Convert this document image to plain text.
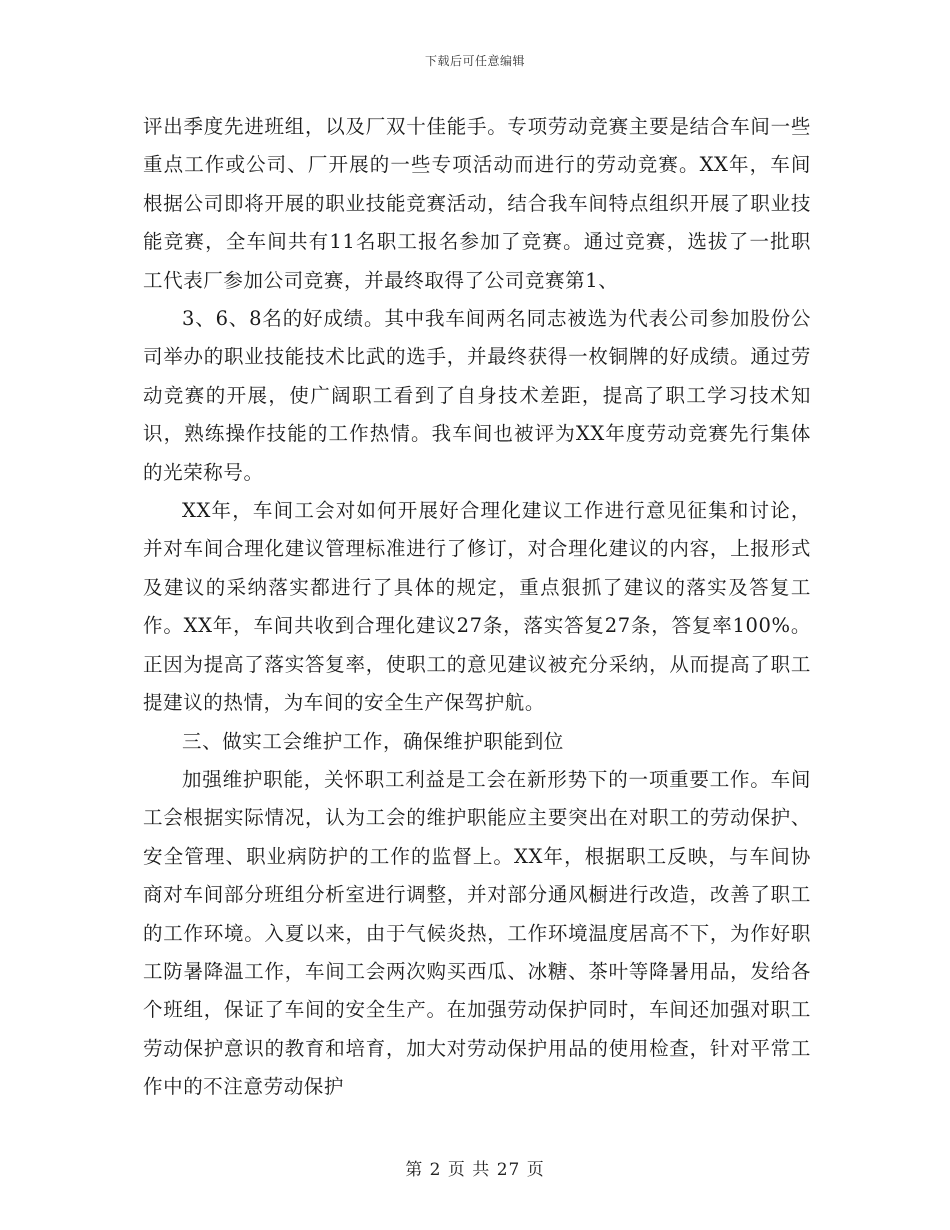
下载后可任意编辑

评出季度先进班组，以及厂双十佳能手。专项劳动竞赛主要是结合车间一些重点工作或公司、厂开展的一些专项活动而进行的劳动竞赛。XX年，车间根据公司即将开展的职业技能竞赛活动，结合我车间特点组织开展了职业技能竞赛，全车间共有11名职工报名参加了竞赛。通过竞赛，选拔了一批职工代表厂参加公司竞赛，并最终取得了公司竞赛第1、

3、6、8名的好成绩。其中我车间两名同志被选为代表公司参加股份公司举办的职业技能技术比武的选手，并最终获得一枚铜牌的好成绩。通过劳动竞赛的开展，使广阔职工看到了自身技术差距，提高了职工学习技术知识，熟练操作技能的工作热情。我车间也被评为XX年度劳动竞赛先行集体的光荣称号。

XX年，车间工会对如何开展好合理化建议工作进行意见征集和讨论，并对车间合理化建议管理标准进行了修订，对合理化建议的内容，上报形式及建议的采纳落实都进行了具体的规定，重点狠抓了建议的落实及答复工作。XX年，车间共收到合理化建议27条，落实答复27条，答复率100%。正因为提高了落实答复率，使职工的意见建议被充分采纳，从而提高了职工提建议的热情，为车间的安全生产保驾护航。

三、做实工会维护工作，确保维护职能到位

加强维护职能，关怀职工利益是工会在新形势下的一项重要工作。车间工会根据实际情况，认为工会的维护职能应主要突出在对职工的劳动保护、安全管理、职业病防护的工作的监督上。XX年，根据职工反映，与车间协商对车间部分班组分析室进行调整，并对部分通风橱进行改造，改善了职工的工作环境。入夏以来，由于气候炎热，工作环境温度居高不下，为作好职工防暑降温工作，车间工会两次购买西瓜、冰糖、茶叶等降暑用品，发给各个班组，保证了车间的安全生产。在加强劳动保护同时，车间还加强对职工劳动保护意识的教育和培育，加大对劳动保护用品的使用检查，针对平常工作中的不注意劳动保护

第 2 页 共 27 页
